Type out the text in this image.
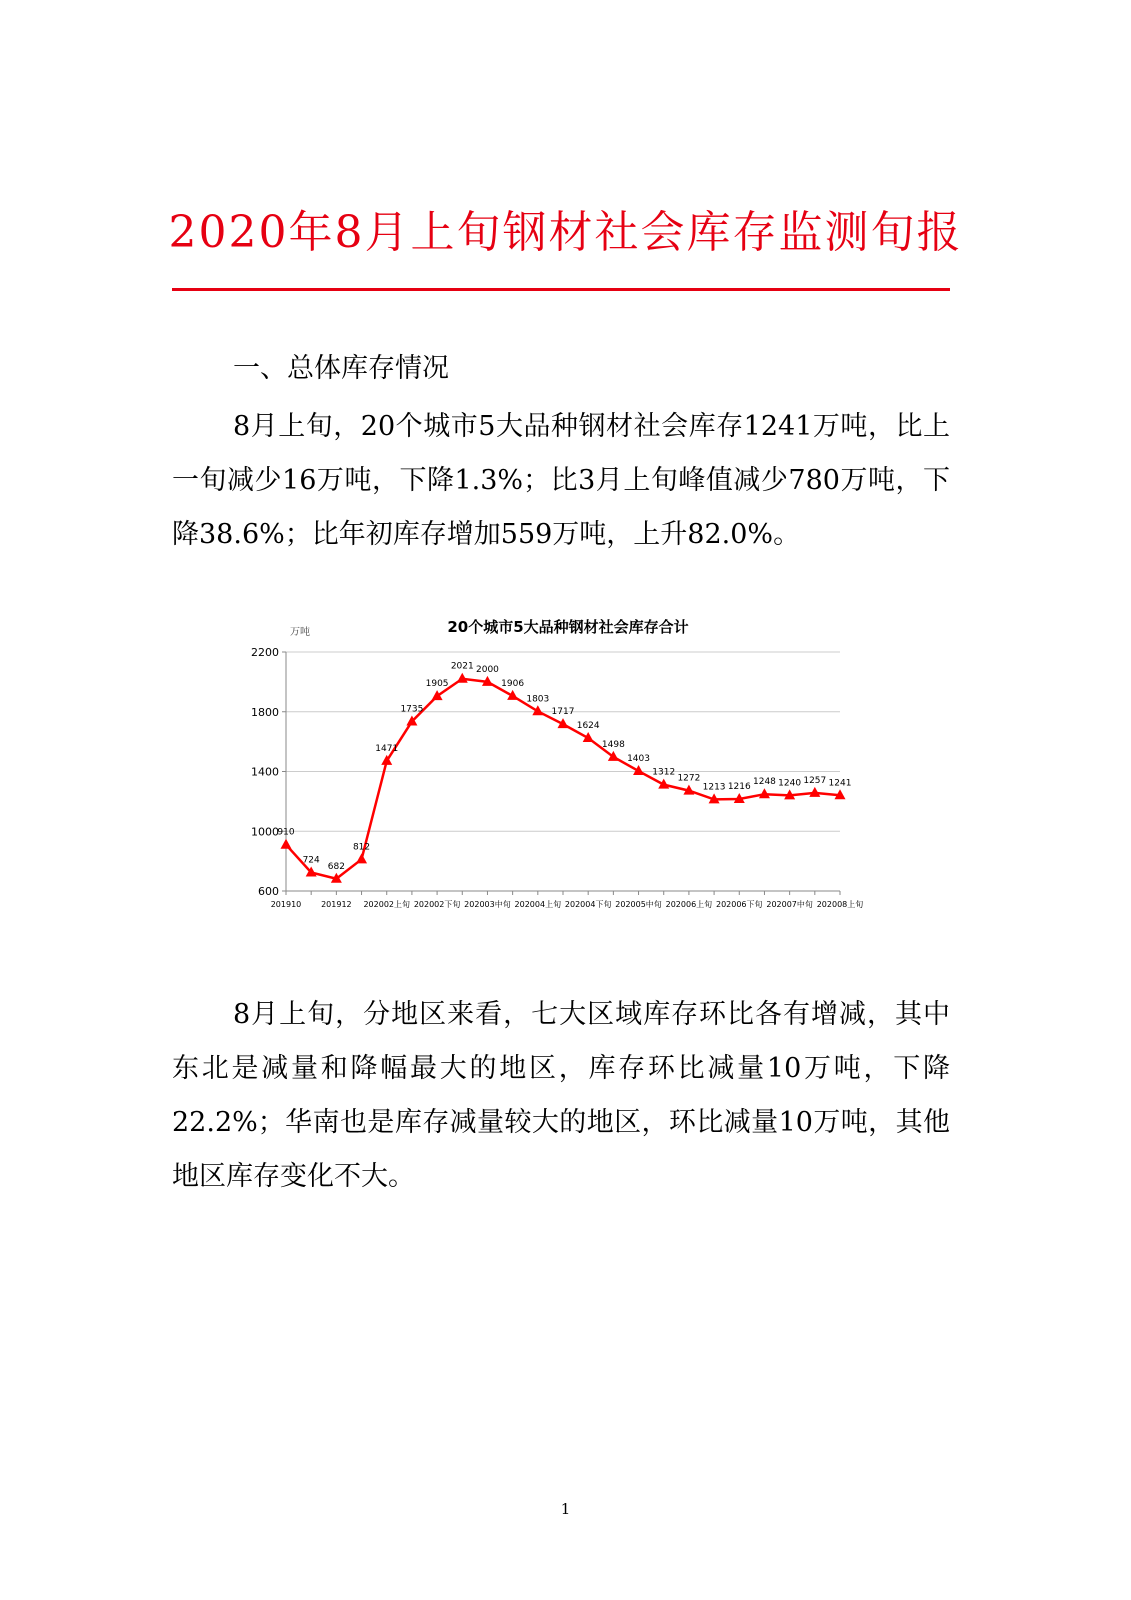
2020年8月上旬钢材社会库存监测旬报
一、总体库存情况

8月上旬，20个城市5大品种钢材社会库存1241万吨，比上一旬减少16万吨，下降1.3%；比3月上旬峰值减少780万吨，下降38.6%；比年初库存增加559万吨，上升82.0%。

20个城市5大品种钢材社会库存合计
万吨
600
1000
1400
1800
2200
201910 201912 202002上旬 202002下旬 202003中旬 202004上旬 202004下旬 202005中旬 202006上旬 202006下旬 202007中旬 202008上旬
910
724
682
812
1471
1735
1905
2021 2000
1906
1803
1717
1624
1498
1403
1312
1272
1213 1216 1248 1240 1257 1241

8月上旬，分地区来看，七大区域库存环比各有增减，其中东北是减量和降幅最大的地区，库存环比减量10万吨，下降22.2%；华南也是库存减量较大的地区，环比减量10万吨，其他地区库存变化不大。

1
